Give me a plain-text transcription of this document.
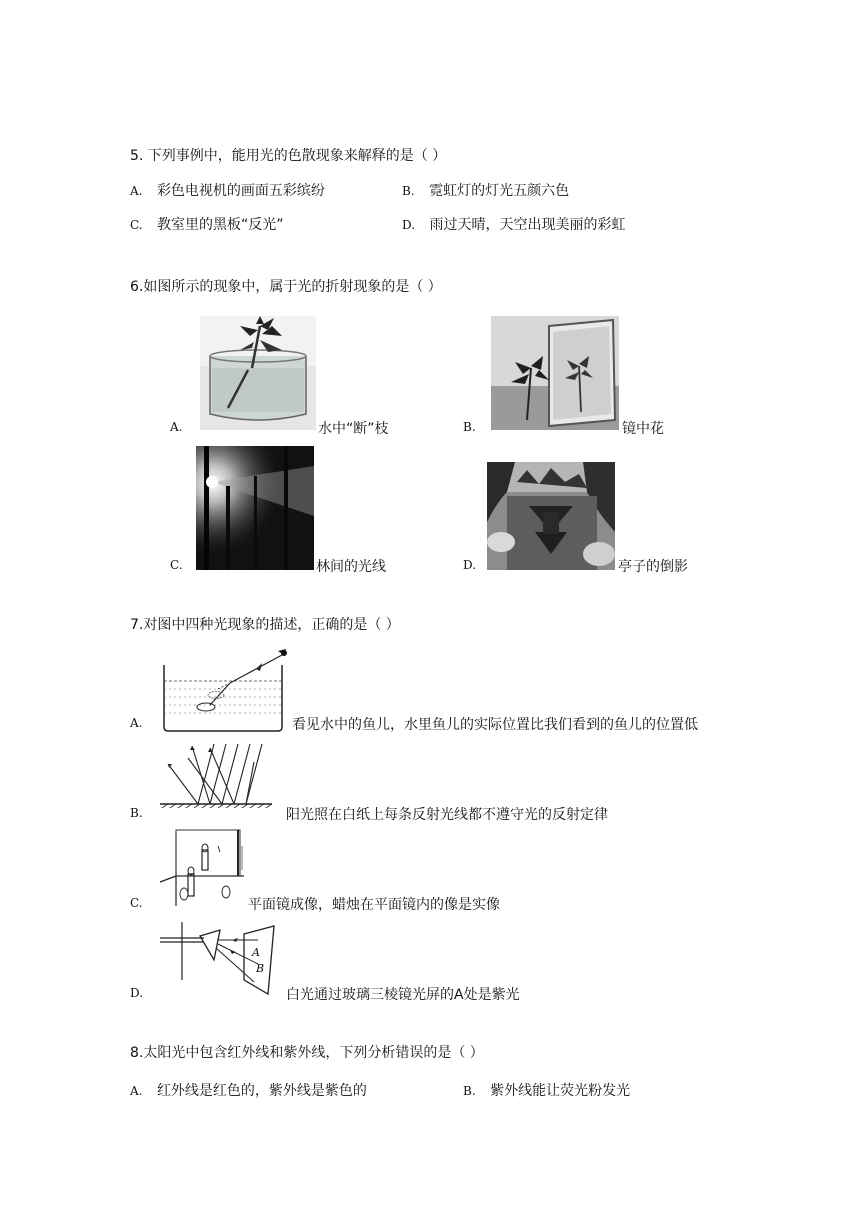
5. 下列事例中，能用光的色散现象来解释的是（ ）
A. 彩色电视机的画面五彩缤纷	B. 霓虹灯的灯光五颜六色
C. 教室里的黑板“反光”	D. 雨过天晴，天空出现美丽的彩虹
6.如图所示的现象中，属于光的折射现象的是（ ）
A.	水中“断”枝	B.	镜中花
C.	林间的光线	D.	亭子的倒影
7.对图中四种光现象的描述，正确的是（ ）
A.	看见水中的鱼儿，水里鱼儿的实际位置比我们看到的鱼儿的位置低
B.	阳光照在白纸上每条反射光线都不遵守光的反射定律
C.	平面镜成像，蜡烛在平面镜内的像是实像
D.
A
B
白光通过玻璃三棱镜光屏的A处是紫光
8.太阳光中包含红外线和紫外线，下列分析错误的是（ ）
A. 红外线是红色的，紫外线是紫色的	B. 紫外线能让荧光粉发光
